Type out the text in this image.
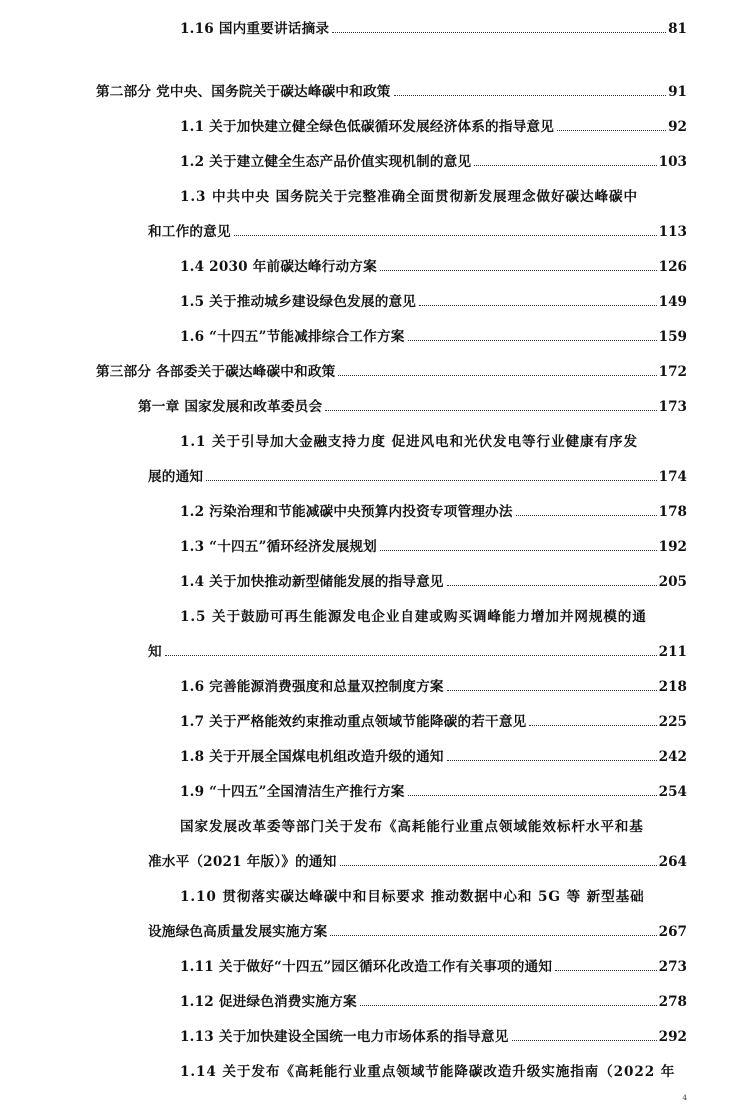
1.16 国内重要讲话摘录	81
第二部分 党中央、国务院关于碳达峰碳中和政策	91
1.1 关于加快建立健全绿色低碳循环发展经济体系的指导意见	92
1.2 关于建立健全生态产品价值实现机制的意见	103
1.3 中共中央 国务院关于完整准确全面贯彻新发展理念做好碳达峰碳中
和工作的意见	113
1.4 2030 年前碳达峰行动方案	126
1.5 关于推动城乡建设绿色发展的意见	149
1.6 “十四五”节能减排综合工作方案	159
第三部分 各部委关于碳达峰碳中和政策	172
第一章 国家发展和改革委员会	173
1.1 关于引导加大金融支持力度 促进风电和光伏发电等行业健康有序发
展的通知	174
1.2 污染治理和节能减碳中央预算内投资专项管理办法	178
1.3 “十四五”循环经济发展规划	192
1.4 关于加快推动新型储能发展的指导意见	205
1.5 关于鼓励可再生能源发电企业自建或购买调峰能力增加并网规模的通
知	211
1.6 完善能源消费强度和总量双控制度方案	218
1.7 关于严格能效约束推动重点领域节能降碳的若干意见	225
1.8 关于开展全国煤电机组改造升级的通知	242
1.9 “十四五”全国清洁生产推行方案	254
国家发展改革委等部门关于发布《高耗能行业重点领域能效标杆水平和基
准水平（2021 年版）》的通知	264
1.10 贯彻落实碳达峰碳中和目标要求 推动数据中心和 5G 等 新型基础
设施绿色高质量发展实施方案	267
1.11 关于做好“十四五”园区循环化改造工作有关事项的通知	273
1.12 促进绿色消费实施方案	278
1.13 关于加快建设全国统一电力市场体系的指导意见	292
1.14 关于发布《高耗能行业重点领域节能降碳改造升级实施指南（2022 年
4
